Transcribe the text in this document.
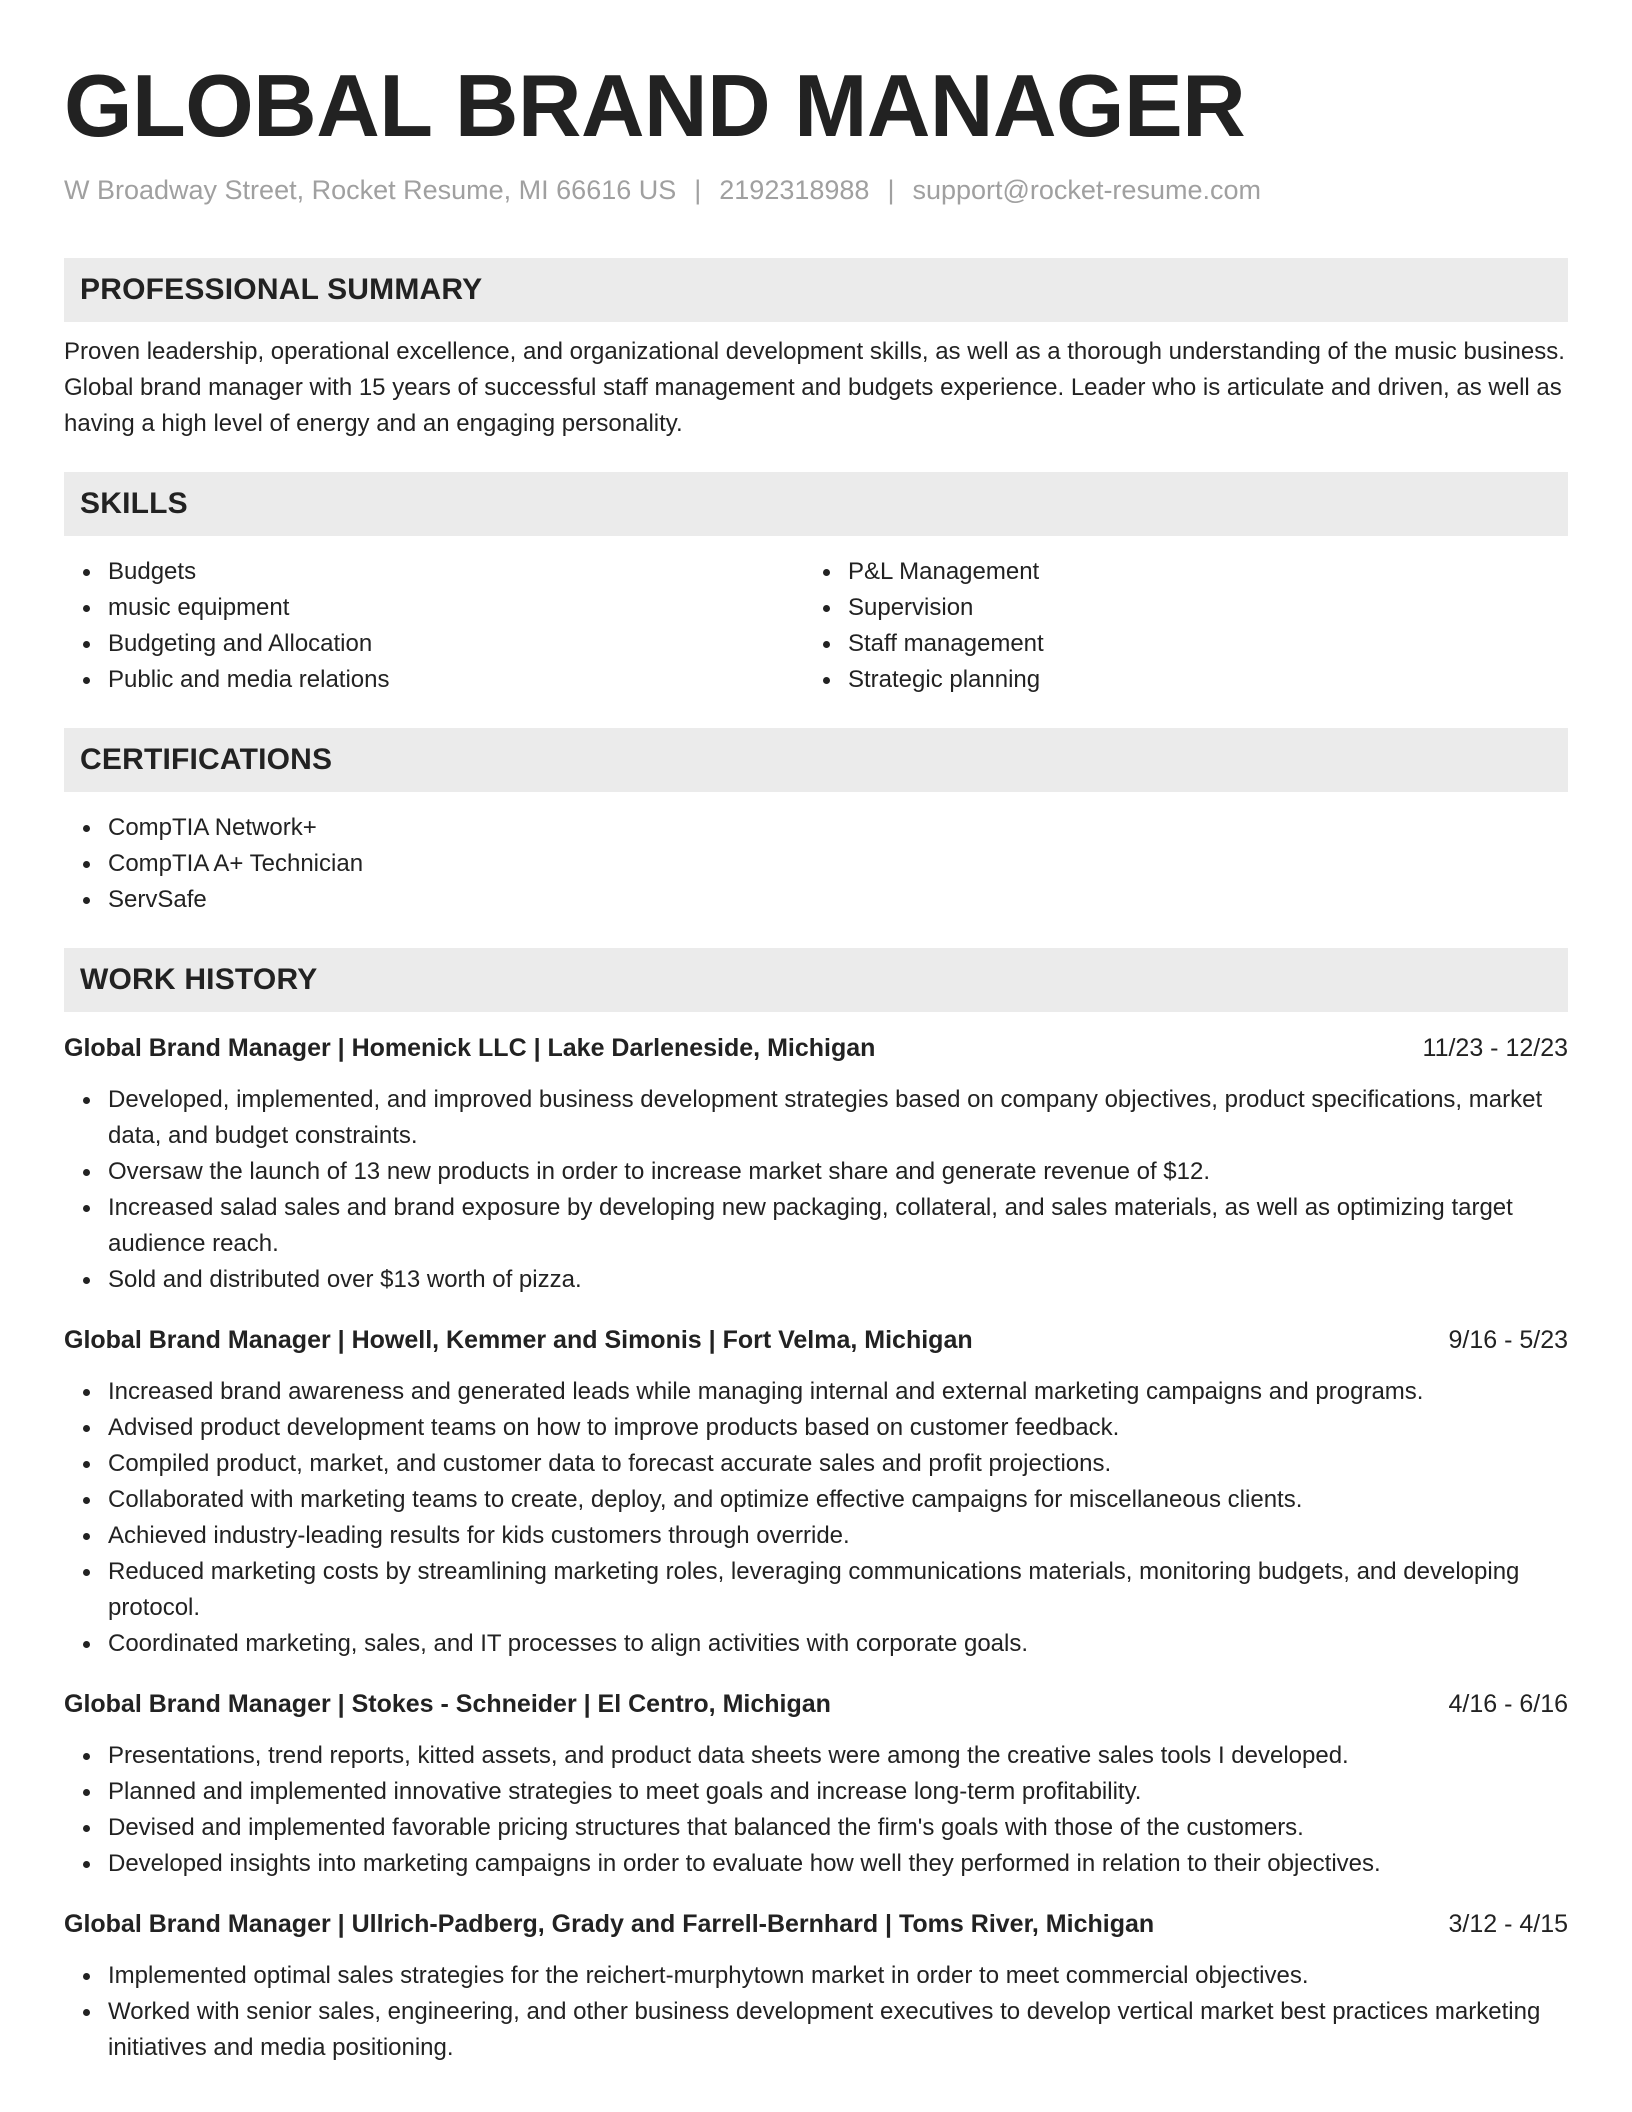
GLOBAL BRAND MANAGER
W Broadway Street, Rocket Resume, MI 66616 US | 2192318988 | support@rocket-resume.com
PROFESSIONAL SUMMARY

Proven leadership, operational excellence, and organizational development skills, as well as a thorough understanding of the music business. Global brand manager with 15 years of successful staff management and budgets experience. Leader who is articulate and driven, as well as having a high level of energy and an engaging personality.

SKILLS
Budgets
music equipment
Budgeting and Allocation
Public and media relations
P&L Management
Supervision
Staff management
Strategic planning
CERTIFICATIONS
CompTIA Network+
CompTIA A+ Technician
ServSafe
WORK HISTORY
Global Brand Manager | Homenick LLC | Lake Darleneside, Michigan	11/23 - 12/23
Developed, implemented, and improved business development strategies based on company objectives, product specifications, market data, and budget constraints.
Oversaw the launch of 13 new products in order to increase market share and generate revenue of $12.
Increased salad sales and brand exposure by developing new packaging, collateral, and sales materials, as well as optimizing target audience reach.
Sold and distributed over $13 worth of pizza.
Global Brand Manager | Howell, Kemmer and Simonis | Fort Velma, Michigan	9/16 - 5/23
Increased brand awareness and generated leads while managing internal and external marketing campaigns and programs.
Advised product development teams on how to improve products based on customer feedback.
Compiled product, market, and customer data to forecast accurate sales and profit projections.
Collaborated with marketing teams to create, deploy, and optimize effective campaigns for miscellaneous clients.
Achieved industry-leading results for kids customers through override.
Reduced marketing costs by streamlining marketing roles, leveraging communications materials, monitoring budgets, and developing protocol.
Coordinated marketing, sales, and IT processes to align activities with corporate goals.
Global Brand Manager | Stokes - Schneider | El Centro, Michigan	4/16 - 6/16
Presentations, trend reports, kitted assets, and product data sheets were among the creative sales tools I developed.
Planned and implemented innovative strategies to meet goals and increase long-term profitability.
Devised and implemented favorable pricing structures that balanced the firm's goals with those of the customers.
Developed insights into marketing campaigns in order to evaluate how well they performed in relation to their objectives.
Global Brand Manager | Ullrich-Padberg, Grady and Farrell-Bernhard | Toms River, Michigan	3/12 - 4/15
Implemented optimal sales strategies for the reichert-murphytown market in order to meet commercial objectives.
Worked with senior sales, engineering, and other business development executives to develop vertical market best practices marketing initiatives and media positioning.
